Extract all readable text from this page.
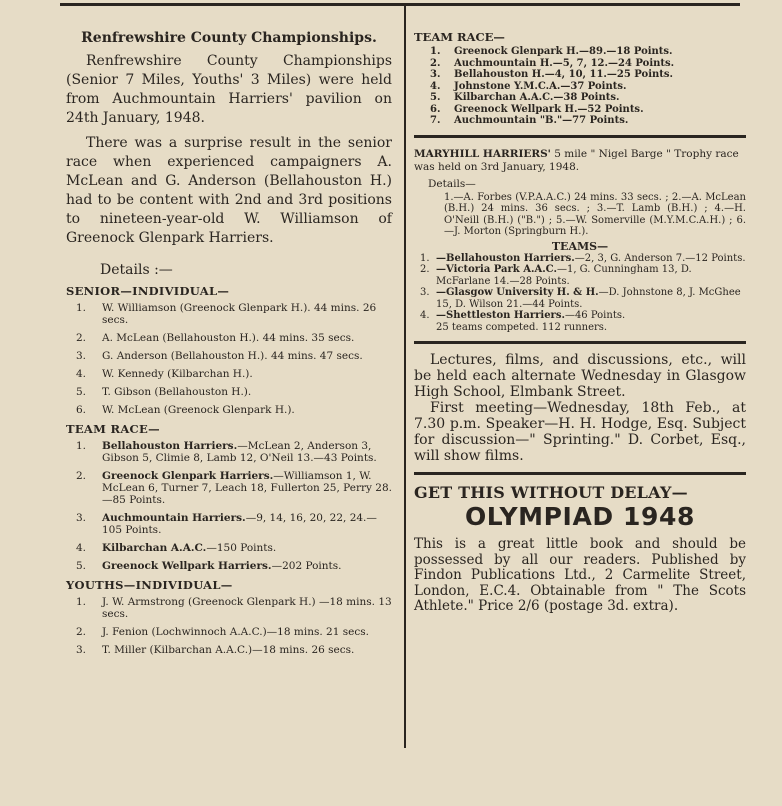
Renfrewshire County Championships.

Renfrewshire County Championships (Senior 7 Miles, Youths' 3 Miles) were held from Auchmountain Harriers' pavilion on 24th January, 1948.

There was a surprise result in the senior race when experienced campaigners A. McLean and G. Anderson (Bellahouston H.) had to be content with 2nd and 3rd positions to nineteen-year-old W. Williamson of Greenock Glenpark Harriers.

Details :—
SENIOR—INDIVIDUAL—
1.	W. Williamson (Greenock Glenpark H.). 44 mins. 26 secs.
2.	A. McLean (Bellahouston H.). 44 mins. 35 secs.
3.	G. Anderson (Bellahouston H.). 44 mins. 47 secs.
4.	W. Kennedy (Kilbarchan H.).
5.	T. Gibson (Bellahouston H.).
6.	W. McLean (Greenock Glenpark H.).
TEAM RACE—
1.	Bellahouston Harriers.—McLean 2, Anderson 3, Gibson 5, Climie 8, Lamb 12, O'Neil 13.—43 Points.
2.	Greenock Glenpark Harriers.—Williamson 1, W. McLean 6, Turner 7, Leach 18, Fullerton 25, Perry 28.—85 Points.
3.	Auchmountain Harriers.—9, 14, 16, 20, 22, 24.—105 Points.
4.	Kilbarchan A.A.C.—150 Points.
5.	Greenock Wellpark Harriers.—202 Points.
YOUTHS—INDIVIDUAL—
1.	J. W. Armstrong (Greenock Glenpark H.) —18 mins. 13 secs.
2.	J. Fenion (Lochwinnoch A.A.C.)—18 mins. 21 secs.
3.	T. Miller (Kilbarchan A.A.C.)—18 mins. 26 secs.
TEAM RACE—
1.	Greenock Glenpark H.—89.—18 Points.
2.	Auchmountain H.—5, 7, 12.—24 Points.
3.	Bellahouston H.—4, 10, 11.—25 Points.
4.	Johnstone Y.M.C.A.—37 Points.
5.	Kilbarchan A.A.C.—38 Points.
6.	Greenock Wellpark H.—52 Points.
7.	Auchmountain "B."—77 Points.
MARYHILL HARRIERS' 5 mile " Nigel Barge " Trophy race was held on 3rd January, 1948.
Details—
1.—A. Forbes (V.P.A.A.C.) 24 mins. 33 secs. ; 2.—A. McLean (B.H.) 24 mins. 36 secs. ; 3.—T. Lamb (B.H.) ; 4.—H. O'Neill (B.H.) ("B.") ; 5.—W. Somerville (M.Y.M.C.A.H.) ; 6.—J. Morton (Springburn H.).
TEAMS—
1. —Bellahouston Harriers.—2, 3, G. Anderson 7.—12 Points.
2. —Victoria Park A.A.C.—1, G. Cunningham 13, D. McFarlane 14.—28 Points.
3. —Glasgow University H. & H.—D. Johnstone 8, J. McGhee 15, D. Wilson 21.—44 Points.
4. —Shettleston Harriers.—46 Points.
25 teams competed. 112 runners.

Lectures, films, and discussions, etc., will be held each alternate Wednesday in Glasgow High School, Elmbank Street.

First meeting—Wednesday, 18th Feb., at 7.30 p.m. Speaker—H. H. Hodge, Esq. Subject for discussion—" Sprinting." D. Corbet, Esq., will show films.

GET THIS WITHOUT DELAY—

OLYMPIAD 1948

This is a great little book and should be possessed by all our readers. Published by Findon Publications Ltd., 2 Carmelite Street, London, E.C.4. Obtainable from " The Scots Athlete." Price 2/6 (postage 3d. extra).
